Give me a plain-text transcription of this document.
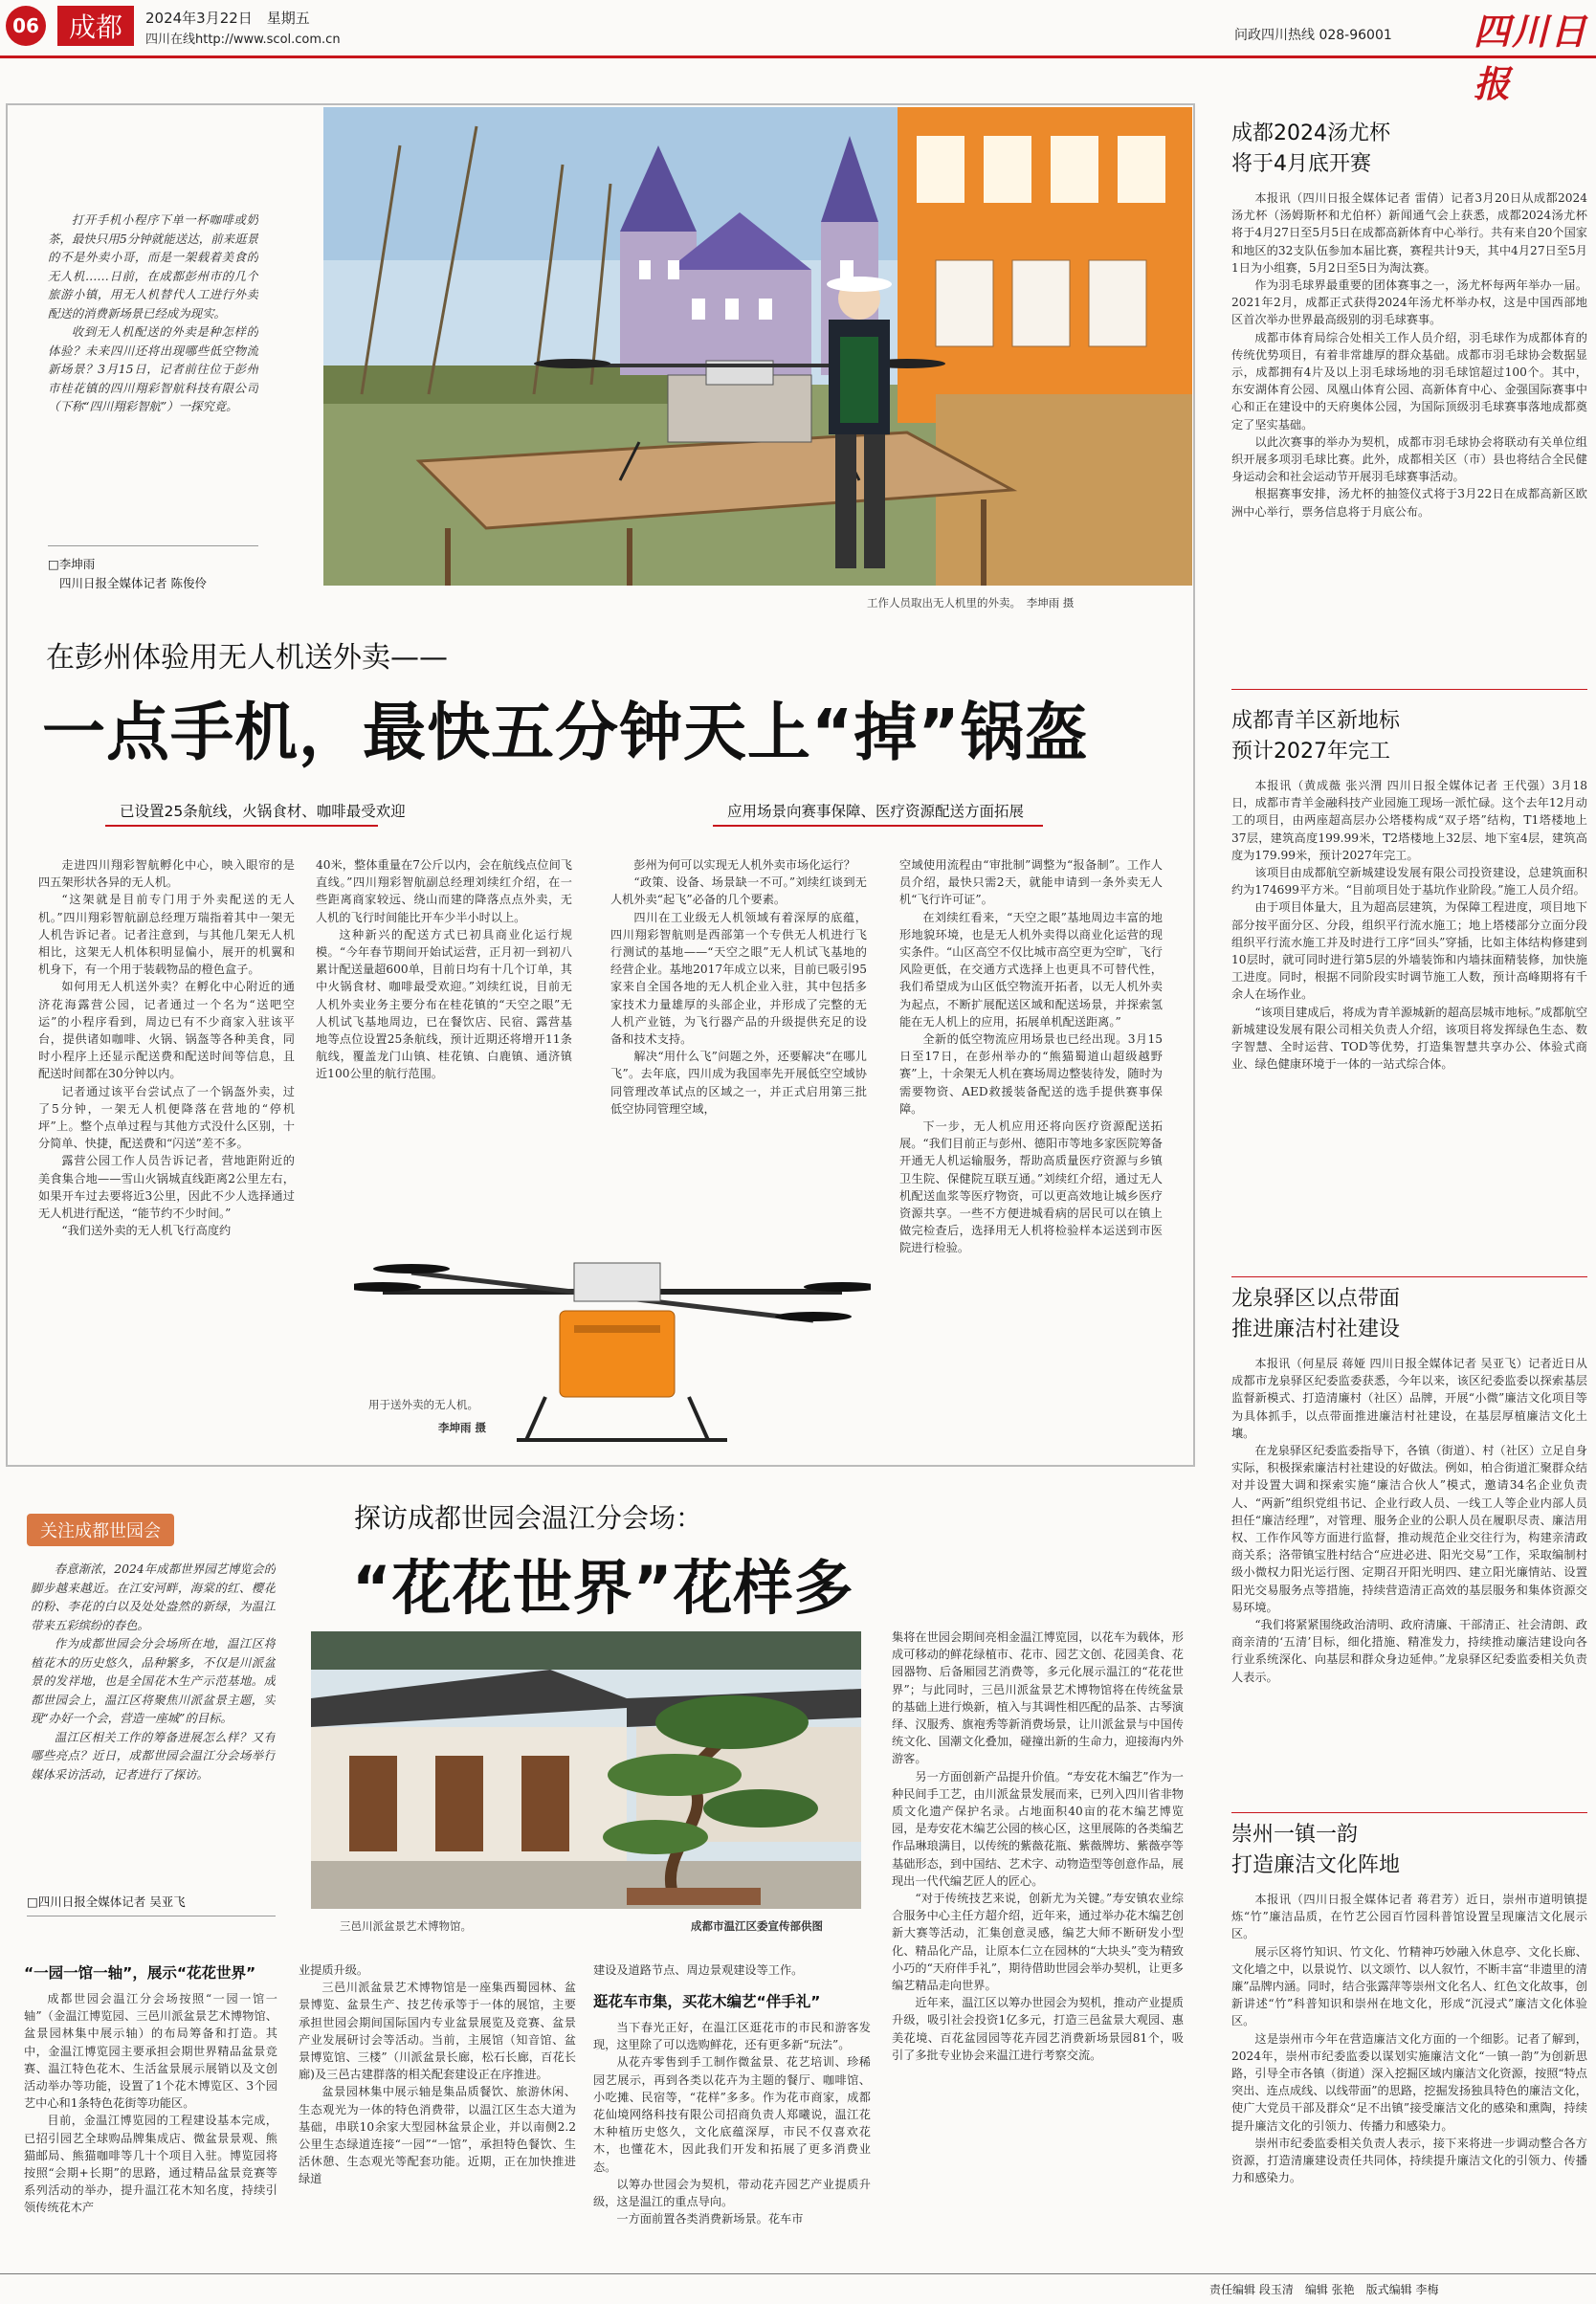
06	成都	2024年3月22日　星期五
四川在线http://www.scol.com.cn	问政四川热线 028-96001 四川日报

打开手机小程序下单一杯咖啡或奶茶，最快只用5分钟就能送达，前来逛景的不是外卖小哥，而是一架载着美食的无人机……日前，在成都彭州市的几个旅游小镇，用无人机替代人工进行外卖配送的消费新场景已经成为现实。

收到无人机配送的外卖是种怎样的体验？未来四川还将出现哪些低空物流新场景？3月15日，记者前往位于彭州市桂花镇的四川翔彩智航科技有限公司（下称“四川翔彩智航”）一探究竟。

□李坤雨
四川日报全媒体记者 陈俊伶
工作人员取出无人机里的外卖。　李坤雨 摄
在彭州体验用无人机送外卖——
一点手机，最快五分钟天上“掉”锅盔
已设置25条航线，火锅食材、咖啡最受欢迎	应用场景向赛事保障、医疗资源配送方面拓展

走进四川翔彩智航孵化中心，映入眼帘的是四五架形状各异的无人机。

“这架就是目前专门用于外卖配送的无人机。”四川翔彩智航副总经理万瑞指着其中一架无人机告诉记者。记者注意到，与其他几架无人机相比，这架无人机体积明显偏小，展开的机翼和机身下，有一个用于装载物品的橙色盒子。

如何用无人机送外卖？在孵化中心附近的通济花海露营公园，记者通过一个名为“送吧空运”的小程序看到，周边已有不少商家入驻该平台，提供诸如咖啡、火锅、锅盔等各种美食，同时小程序上还显示配送费和配送时间等信息，且配送时间都在30分钟以内。

记者通过该平台尝试点了一个锅盔外卖，过了5分钟，一架无人机便降落在营地的“停机坪”上。整个点单过程与其他方式没什么区别，十分简单、快捷，配送费和“闪送”差不多。

露营公园工作人员告诉记者，营地距附近的美食集合地——雪山火锅城直线距离2公里左右，如果开车过去要将近3公里，因此不少人选择通过无人机进行配送，“能节约不少时间。”

“我们送外卖的无人机飞行高度约

40米，整体重量在7公斤以内，会在航线点位间飞直线。”四川翔彩智航副总经理刘续红介绍，在一些距离商家较远、绕山而建的降落点点外卖，无人机的飞行时间能比开车少半小时以上。

这种新兴的配送方式已初具商业化运行规模。“今年春节期间开始试运营，正月初一到初八累计配送量超600单，目前日均有十几个订单，其中火锅食材、咖啡最受欢迎。”刘续红说，目前无人机外卖业务主要分布在桂花镇的“天空之眼”无人机试飞基地周边，已在餐饮店、民宿、露营基地等点位设置25条航线，预计近期还将增开11条航线，覆盖龙门山镇、桂花镇、白鹿镇、通济镇近100公里的航行范围。

彭州为何可以实现无人机外卖市场化运行？

“政策、设备、场景缺一不可。”刘续红谈到无人机外卖“起飞”必备的几个要素。

四川在工业级无人机领域有着深厚的底蕴，四川翔彩智航则是西部第一个专供无人机进行飞行测试的基地——“天空之眼”无人机试飞基地的经营企业。基地2017年成立以来，目前已吸引95家来自全国各地的无人机企业入驻，其中包括多家技术力量雄厚的头部企业，并形成了完整的无人机产业链，为飞行器产品的升级提供充足的设备和技术支持。

解决“用什么飞”问题之外，还要解决“在哪儿飞”。去年底，四川成为我国率先开展低空空域协同管理改革试点的区域之一，并正式启用第三批低空协同管理空域，

空域使用流程由“审批制”调整为“报备制”。工作人员介绍，最快只需2天，就能申请到一条外卖无人机“飞行许可证”。

在刘续红看来，“天空之眼”基地周边丰富的地形地貌环境，也是无人机外卖得以商业化运营的现实条件。“山区高空不仅比城市高空更为空旷，飞行风险更低，在交通方式选择上也更具不可替代性，我们希望成为山区低空物流开拓者，以无人机外卖为起点，不断扩展配送区域和配送场景，并探索氢能在无人机上的应用，拓展单机配送距离。”

全新的低空物流应用场景也已经出现。3月15日至17日，在彭州举办的“熊猫蜀道山超级越野赛”上，十余架无人机在赛场周边整装待发，随时为需要物资、AED救援装备配送的选手提供赛事保障。

下一步，无人机应用还将向医疗资源配送拓展。“我们目前正与彭州、德阳市等地多家医院筹备开通无人机运输服务，帮助高质量医疗资源与乡镇卫生院、保健院互联互通。”刘续红介绍，通过无人机配送血浆等医疗物资，可以更高效地让城乡医疗资源共享。一些不方便进城看病的居民可以在镇上做完检查后，选择用无人机将检验样本运送到市医院进行检验。

用于送外卖的无人机。
李坤雨 摄
关注成都世园会

春意渐浓，2024年成都世界园艺博览会的脚步越来越近。在江安河畔，海棠的红、樱花的粉、李花的白以及处处盎然的新绿，为温江带来五彩缤纷的春色。

作为成都世园会分会场所在地，温江区将植花木的历史悠久，品种繁多，不仅是川派盆景的发祥地，也是全国花木生产示范基地。成都世园会上，温江区将聚焦川派盆景主题，实现“办好一个会，营造一座城”的目标。

温江区相关工作的筹备进展怎么样？又有哪些亮点？近日，成都世园会温江分会场举行媒体采访活动，记者进行了探访。

□四川日报全媒体记者 吴亚飞
探访成都世园会温江分会场：
“花花世界”花样多
三邑川派盆景艺术博物馆。	成都市温江区委宣传部供图

集将在世园会期间亮相金温江博览园，以花车为载体，形成可移动的鲜花绿植市、花市、园艺文创、花园美食、花园器物、后备厢园艺消费等，多元化展示温江的“花花世界”；与此同时，三邑川派盆景艺术博物馆将在传统盆景的基础上进行焕新，植入与其调性相匹配的品茶、古琴演绎、汉服秀、旗袍秀等新消费场景，让川派盆景与中国传统文化、国潮文化叠加，碰撞出新的生命力，迎接海内外游客。

另一方面创新产品提升价值。“寿安花木编艺”作为一种民间手工艺，由川派盆景发展而来，已列入四川省非物质文化遗产保护名录。占地面积40亩的花木编艺博览园，是寿安花木编艺公园的核心区，这里展陈的各类编艺作品琳琅满目，以传统的紫薇花瓶、紫薇牌坊、紫薇亭等基础形态，到中国结、艺术字、动物造型等创意作品，展现出一代代编艺匠人的匠心。

“对于传统技艺来说，创新尤为关键。”寿安镇农业综合服务中心主任方超介绍，近年来，通过举办花木编艺创新大赛等活动，汇集创意灵感，编艺大师不断研发小型化、精品化产品，让原本仁立在园林的“大块头”变为精致小巧的“天府伴手礼”，期待借助世园会举办契机，让更多编艺精品走向世界。

近年来，温江区以筹办世园会为契机，推动产业提质升级，吸引社会投资1亿多元，打造三邑盆景大观园、惠美花境、百花盆园园等花卉园艺消费新场景园81个，吸引了多批专业协会来温江进行考察交流。

“一园一馆一轴”，展示“花花世界”

成都世园会温江分会场按照“一园一馆一轴”（金温江博览园、三邑川派盆景艺术博物馆、盆景园林集中展示轴）的布局筹备和打造。其中，金温江博览园主要承担会期世界精品盆景竞赛、温江特色花木、生活盆景展示展销以及文创活动举办等功能，设置了1个花木博览区、3个园艺中心和1条特色花街等功能区。

目前，金温江博览园的工程建设基本完成，已招引园艺全球购品牌集成店、微盆景景观、熊猫邮局、熊猫咖啡等几十个项目入驻。博览园将按照“会期+长期”的思路，通过精品盆景竞赛等系列活动的举办，提升温江花木知名度，持续引领传统花木产

业提质升级。

三邑川派盆景艺术博物馆是一座集西蜀园林、盆景博览、盆景生产、技艺传承等于一体的展馆，主要承担世园会期间国际国内专业盆景展览及竞赛、盆景产业发展研讨会等活动。当前，主展馆（知音馆、盆景博览馆、三楼”（川派盆景长廊，松石长廊，百花长廊)及三邑古建群落的相关配套建设正在序推进。

盆景园林集中展示轴是集品质餐饮、旅游休闲、生态观光为一体的特色消费带，以温江区生态大道为基础，串联10余家大型园林盆景企业，并以南侧2.2公里生态绿道连接“一园”“一馆”，承担特色餐饮、生活休憩、生态观光等配套功能。近期，正在加快推进绿道

建设及道路节点、周边景观建设等工作。

逛花车市集，买花木编艺“伴手礼”

当下春光正好，在温江区逛花市的市民和游客发现，这里除了可以选购鲜花，还有更多新“玩法”。

从花卉零售到手工制作微盆景、花艺培训、珍稀园艺展示，再到各类以花卉为主题的餐厅、咖啡馆、小吃摊、民宿等，“花样”多多。作为花市商家，成都花仙境网络科技有限公司招商负责人郑曦说，温江花木种植历史悠久，文化底蕴深厚，市民不仅喜欢花木，也懂花木，因此我们开发和拓展了更多消费业态。

以筹办世园会为契机，带动花卉园艺产业提质升级，这是温江的重点导向。

一方面前置各类消费新场景。花车市

成都2024汤尤杯
将于4月底开赛

本报讯（四川日报全媒体记者 雷倩）记者3月20日从成都2024汤尤杯（汤姆斯杯和尤伯杯）新闻通气会上获悉，成都2024汤尤杯将于4月27日至5月5日在成都高新体育中心举行。共有来自20个国家和地区的32支队伍参加本届比赛，赛程共计9天，其中4月27日至5月1日为小组赛，5月2日至5日为淘汰赛。

作为羽毛球界最重要的团体赛事之一，汤尤杯每两年举办一届。2021年2月，成都正式获得2024年汤尤杯举办权，这是中国西部地区首次举办世界最高级别的羽毛球赛事。

成都市体育局综合处相关工作人员介绍，羽毛球作为成都体育的传统优势项目，有着非常雄厚的群众基础。成都市羽毛球协会数据显示，成都拥有4片及以上羽毛球场地的羽毛球馆超过100个。其中，东安湖体育公园、凤凰山体育公园、高新体育中心、金强国际赛事中心和正在建设中的天府奥体公园，为国际顶级羽毛球赛事落地成都奠定了坚实基础。

以此次赛事的举办为契机，成都市羽毛球协会将联动有关单位组织开展多项羽毛球比赛。此外，成都相关区（市）县也将结合全民健身运动会和社会运动节开展羽毛球赛事活动。

根据赛事安排，汤尤杯的抽签仪式将于3月22日在成都高新区欧洲中心举行，票务信息将于月底公布。

成都青羊区新地标
预计2027年完工

本报讯（黄成薇 张兴渭 四川日报全媒体记者 王代强）3月18日，成都市青羊金融科技产业园施工现场一派忙碌。这个去年12月动工的项目，由两座超高层办公塔楼构成“双子塔”结构，T1塔楼地上37层，建筑高度199.99米，T2塔楼地上32层、地下室4层，建筑高度为179.99米，预计2027年完工。

该项目由成都航空新城建设发展有限公司投资建设，总建筑面积约为174699平方米。“目前项目处于基坑作业阶段。”施工人员介绍。

由于项目体量大，且为超高层建筑，为保障工程进度，项目地下部分按平面分区、分段，组织平行流水施工；地上塔楼部分立面分段组织平行流水施工并及时进行工序“回头”穿插，比如主体结构修建到10层时，就可同时进行第5层的外墙装饰和内墙抹面精装修，加快施工进度。同时，根据不同阶段实时调节施工人数，预计高峰期将有千余人在场作业。

“该项目建成后，将成为青羊源城新的超高层城市地标。”成都航空新城建设发展有限公司相关负责人介绍，该项目将发挥绿色生态、数字智慧、全时运营、TOD等优势，打造集智慧共享办公、体验式商业、绿色健康环境于一体的一站式综合体。

龙泉驿区以点带面
推进廉洁村社建设

本报讯（何星辰 蒋娅 四川日报全媒体记者 吴亚飞）记者近日从成都市龙泉驿区纪委监委获悉，今年以来，该区纪委监委以探索基层监督新模式、打造清廉村（社区）品牌，开展“小微”廉洁文化项目等为具体抓手，以点带面推进廉洁村社建设，在基层厚植廉洁文化土壤。

在龙泉驿区纪委监委指导下，各镇（街道）、村（社区）立足自身实际，积极探索廉洁村社建设的好做法。例如，柏合街道汇聚群众结对并设置大调和探索实施“廉洁合伙人”模式，邀请34名企业负责人、“两新”组织党组书记、企业行政人员、一线工人等企业内部人员担任“廉洁经理”，对管理、服务企业的公职人员在履职尽责、廉洁用权、工作作风等方面进行监督，推动规范企业交往行为，构建亲清政商关系；洛带镇宝胜村结合“应进必进、阳光交易”工作，采取编制村级小微权力阳光运行图、定期召开阳光明四、建立阳光廉情站、设置阳光交易服务点等措施，持续营造清正高效的基层服务和集体资源交易环境。

“我们将紧紧围绕政治清明、政府清廉、干部清正、社会清朗、政商亲清的‘五清’目标，细化措施、精准发力，持续推动廉洁建设向各行业系统深化、向基层和群众身边延伸。”龙泉驿区纪委监委相关负责人表示。

崇州一镇一韵
打造廉洁文化阵地

本报讯（四川日报全媒体记者 蒋君芳）近日，崇州市道明镇提炼“竹”廉洁品质，在竹艺公园百竹园科普馆设置呈现廉洁文化展示区。

展示区将竹知识、竹文化、竹精神巧妙融入休息亭、文化长廊、文化墙之中，以景说竹、以文颂竹、以人叙竹，不断丰富“非遗里的清廉”品牌内涵。同时，结合张露萍等崇州文化名人、红色文化故事，创新讲述“竹”科普知识和崇州在地文化，形成“沉浸式”廉洁文化体验区。

这是崇州市今年在营造廉洁文化方面的一个细影。记者了解到，2024年，崇州市纪委监委以谋划实施廉洁文化“一镇一韵”为创新思路，引导全市各镇（街道）深入挖掘区域内廉洁文化资源，按照“特点突出、连点成线、以线带面”的思路，挖掘发扬独具特色的廉洁文化，使广大党员干部及群众“足不出镇”接受廉洁文化的感染和熏陶，持续提升廉洁文化的引领力、传播力和感染力。

崇州市纪委监委相关负责人表示，接下来将进一步调动整合各方资源，打造清廉建设责任共同体，持续提升廉洁文化的引领力、传播力和感染力。

责任编辑 段玉清　编辑 张艳　版式编辑 李梅
